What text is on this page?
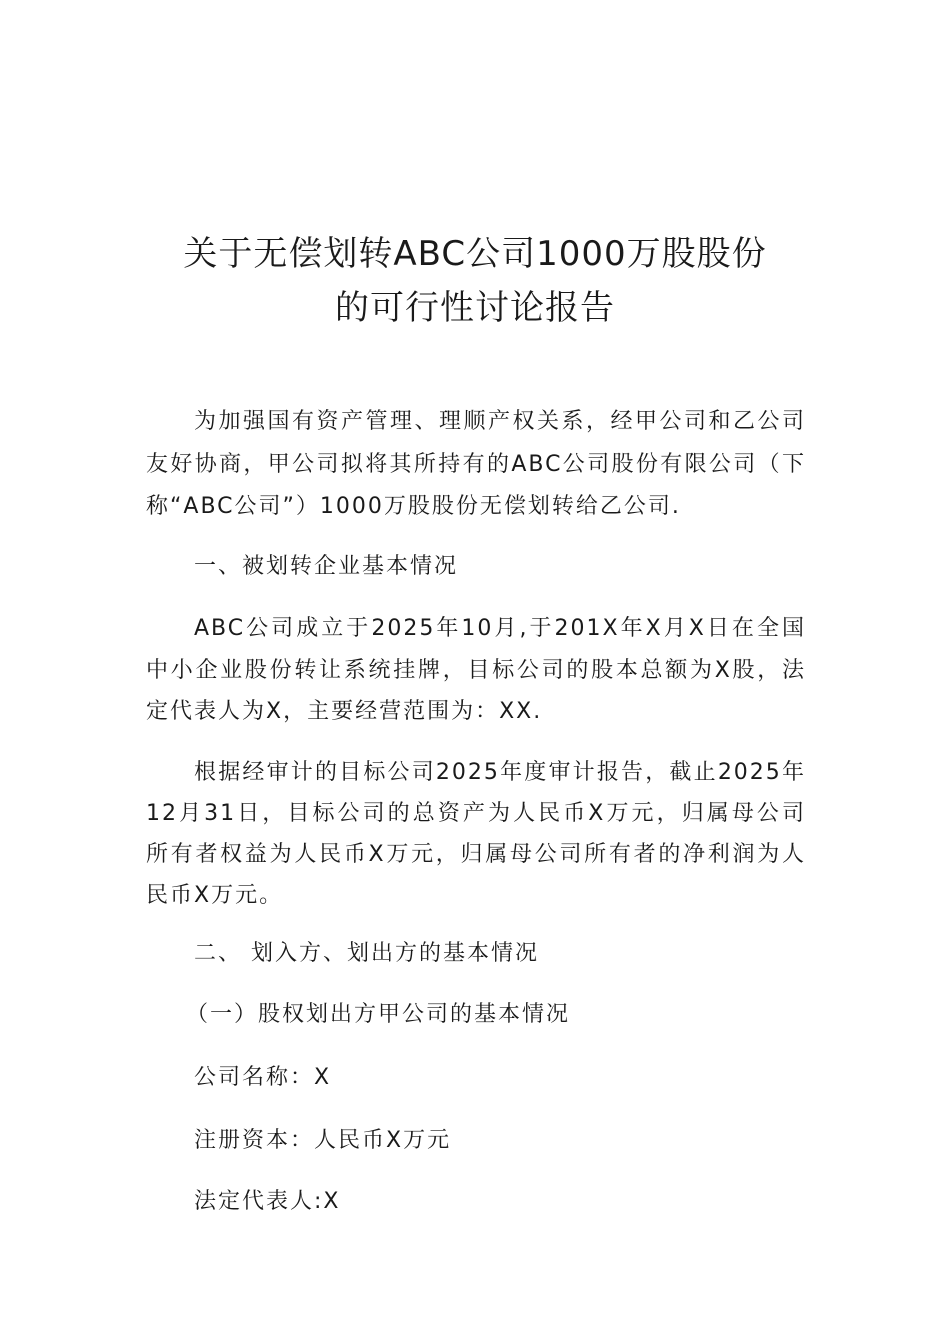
关于无偿划转ABC公司1000万股股份
的可行性讨论报告
为加强国有资产管理、理顺产权关系，经甲公司和乙公司
友好协商，甲公司拟将其所持有的ABC公司股份有限公司（下
称“ABC公司”）1000万股股份无偿划转给乙公司.
一、被划转企业基本情况
ABC公司成立于2025年10月,于201X年X月X日在全国
中小企业股份转让系统挂牌，目标公司的股本总额为X股，法
定代表人为X，主要经营范围为：XX.
根据经审计的目标公司2025年度审计报告，截止2025年
12月31日，目标公司的总资产为人民币X万元，归属母公司
所有者权益为人民币X万元，归属母公司所有者的净利润为人
民币X万元。
二、 划入方、划出方的基本情况
（一）股权划出方甲公司的基本情况
公司名称：X
注册资本：人民币X万元
法定代表人:X
